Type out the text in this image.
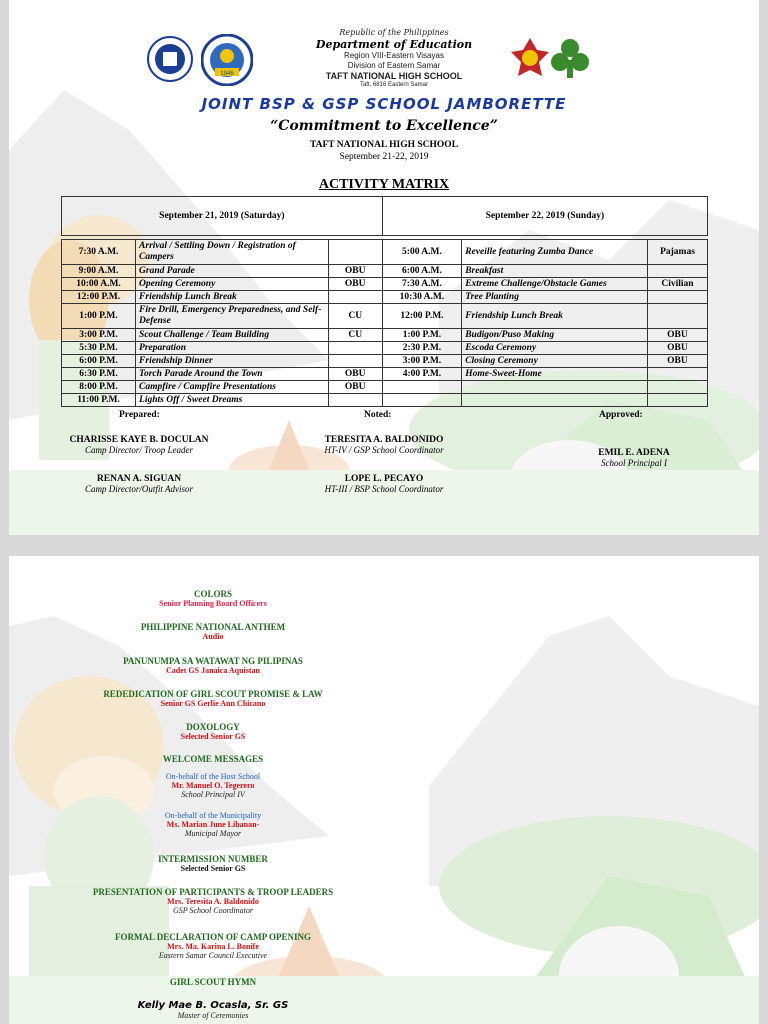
1946
Republic of the Philippines
Department of Education
Region VIII-Eastern Visayas
Division of Eastern Samar
TAFT NATIONAL HIGH SCHOOL
Taft, 6816 Eastern Samar
JOINT BSP & GSP SCHOOL JAMBORETTE
“Commitment to Excellence”
TAFT NATIONAL HIGH SCHOOL
September 21-22, 2019
ACTIVITY MATRIX
September 21, 2019 (Saturday)			September 22, 2019 (Sunday)		

7:30 A.M.	Arrival / Settling Down / Registration of Campers		5:00 A.M.	Reveille featuring Zumba Dance	Pajamas
9:00 A.M.	Grand Parade	OBU	6:00 A.M.	Breakfast	
10:00 A.M.	Opening Ceremony	OBU	7:30 A.M.	Extreme Challenge/Obstacle Games	Civilian
12:00 P.M.	Friendship Lunch Break		10:30 A.M.	Tree Planting	
1:00 P.M.	Fire Drill, Emergency Preparedness, and Self-Defense	CU	12:00 P.M.	Friendship Lunch Break	
3:00 P.M.	Scout Challenge / Team Building	CU	1:00 P.M.	Budigon/Puso Making	OBU
5:30 P.M.	Preparation		2:30 P.M.	Escoda Ceremony	OBU
6:00 P.M.	Friendship Dinner		3:00 P.M.	Closing Ceremony	OBU
6:30 P.M.	Torch Parade Around the Town	OBU	4:00 P.M.	Home-Sweet-Home	
8:00 P.M.	Campfire / Campfire Presentations	OBU			
11:00 P.M.	Lights Off / Sweet Dreams				
Prepared:	Noted:	Approved:
CHARISSE KAYE B. DOCULAN
Camp Director/ Troop Leader
RENAN A. SIGUAN
Camp Director/Outfit Advisor
TERESITA A. BALDONIDO
HT-IV / GSP School Coordinator
LOPE L. PECAYO
HT-III / BSP School Coordinator
EMIL E. ADENA
School Principal I
COLORS
Senior Planning Board Officers
PHILIPPINE NATIONAL ANTHEM
Audio
PANUNUMPA SA WATAWAT NG PILIPINAS
Cadet GS Janaica Aquistan
REDEDICATION OF GIRL SCOUT PROMISE & LAW
Senior GS Gerlie Ann Chicano
DOXOLOGY
Selected Senior GS
WELCOME MESSAGES
On-behalf of the Host School
Mr. Manuel O. Tegerero
School Principal IV
On-behalf of the Municipality
Ms. Marian June Libanan-
Municipal Mayor
INTERMISSION NUMBER
Selected Senior GS
PRESENTATION OF PARTICIPANTS & TROOP LEADERS
Mrs. Teresita A. Baldonido
GSP School Coordinator
FORMAL DECLARATION OF CAMP OPENING
Mrs. Ma. Karina L. Bonife
Eastern Samar Council Executive
GIRL SCOUT HYMN
Kelly Mae B. Ocasla, Sr. GS
Master of Ceremonies
